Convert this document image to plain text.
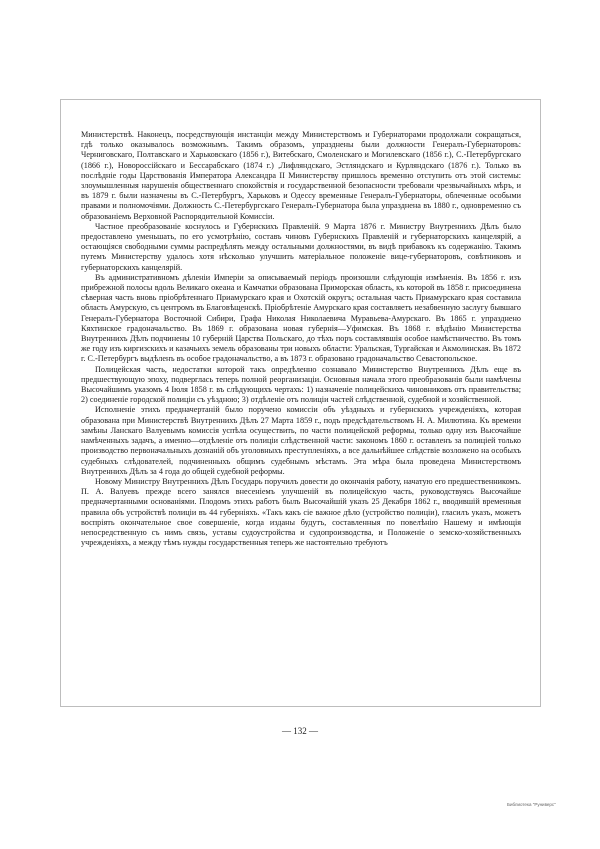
Министерствѣ. Наконецъ, посредствующія инстанціи между Министерствомъ и Губернаторами продолжали сокращаться, гдѣ только оказывалось возможнымъ. Такимъ образомъ, упразднены были должности Генералъ-Губернаторовъ: Черниговскаго, Полтавскаго и Харьковскаго (1856 г.), Витебскаго, Смоленскаго и Могилевскаго (1856 г.), С.-Петербургскаго (1866 г.), Новороссійскаго и Бессарабскаго (1874 г.) ,Лифляндскаго, Эстляндскаго и Курляндскаго (1876 г.). Только въ послѣдніе годы Царствованія Императора Александра II Министерству пришлось временно отступить отъ этой системы: злоумышленныя нарушенія общественнаго спокойствія и государственной безопасности требовали чрезвычайныхъ мѣръ, и въ 1879 г. были назначены въ С.-Петербургъ, Харьковъ и Одессу временные Генералъ-Губернаторы, облеченные особыми правами и полномочіями. Должность С.-Петербургскаго Генералъ-Губернатора была упразднена въ 1880 г., одновременно съ образованіемъ Верховной Распорядительной Комиссіи.

Частное преобразованіе коснулось и Губернскихъ Правленій. 9 Марта 1876 г. Министру Внутреннихъ Дѣлъ было предоставлено уменьшать, по его усмотрѣнію, составъ чиновъ Губернскихъ Правленій и губернаторскихъ канцелярій, а остающіяся свободными суммы распредѣлять между остальными должностями, въ видѣ прибавокъ къ содержанію. Такимъ путемъ Министерству удалось хотя нѣсколько улучшить матеріальное положеніе вице-губернаторовъ, совѣтниковъ и губернаторскихъ канцелярій.

Въ административномъ дѣленіи Имперіи за описываемый періодъ произошли слѣдующія измѣненія. Въ 1856 г. изъ прибрежной полосы вдоль Великаго океана и Камчатки образована Приморская область, къ которой въ 1858 г. присоединена сѣверная часть вновь пріобрѣтеннаго Приамурскаго края и Охотскій округъ; остальная часть Приамурскаго края составила область Амурскую, съ центромъ въ Благовѣщенскѣ. Пріобрѣтеніе Амурскаго края составляетъ незабвенную заслугу бывшаго Генералъ-Губернатора Восточной Сибири, Графа Николая Николаевича Муравьева-Амурскаго. Въ 1865 г. упразднено Кяхтинское градоначальство. Въ 1869 г. образована новая губернія—Уфимская. Въ 1868 г. вѣдѣнію Министерства Внутреннихъ Дѣлъ подчинены 10 губерній Царства Польскаго, до тѣхъ поръ составлявшія особое намѣстничество. Въ томъ же году изъ киргизскихъ и казачьихъ земель образованы три новыхъ области: Уральская, Тургайская и Акмолинская. Въ 1872 г. С.-Петербургъ выдѣленъ въ особое градоначальство, а въ 1873 г. образовано градоначальство Севастопольское.

Полицейская часть, недостатки которой такъ опредѣленно сознавало Министерство Внутреннихъ Дѣлъ еще въ предшествующую эпоху, подверглась теперь полной реорганизаціи. Основныя начала этого преобразованія были намѣчены Высочайшимъ указомъ 4 Іюля 1858 г. въ слѣдующихъ чертахъ: 1) назначеніе полицейскихъ чиновниковъ отъ правительства; 2) соединеніе городской полиціи съ уѣздною; 3) отдѣленіе отъ полиціи частей слѣдственной, судебной и хозяйственной.

Исполненіе этихъ предначертаній было поручено комиссіи объ уѣздныхъ и губернскихъ учрежденіяхъ, которая образована при Министерствѣ Внутреннихъ Дѣлъ 27 Марта 1859 г., подъ предсѣдательствомъ Н. А. Милютина. Къ времени замѣны Ланскаго Валуевымъ комиссія успѣла осуществить, по части полицейской реформы, только одну изъ Высочайше намѣченныхъ задачъ, а именно—отдѣленіе отъ полиціи слѣдственной части: закономъ 1860 г. оставленъ за полиціей только производство первоначальныхъ дознаній объ уголовныхъ преступленіяхъ, а все дальнѣйшее слѣдствіе возложено на особыхъ судебныхъ слѣдователей, подчиненныхъ общимъ судебнымъ мѣстамъ. Эта мѣра была проведена Министерствомъ Внутреннихъ Дѣлъ за 4 года до общей судебной реформы.

Новому Министру Внутреннихъ Дѣлъ Государь поручилъ довести до окончанія работу, начатую его предшественникомъ. П. А. Валуевъ прежде всего занялся внесеніемъ улучшеній въ полицейскую часть, руководствуясь Высочайше предначертанными основаніями. Плодомъ этихъ работъ былъ Высочайшій указъ 25 Декабря 1862 г., вводившій временныя правила объ устройствѣ полиціи въ 44 губерніяхъ. «Такъ какъ сіе важное дѣло (устройство полиціи), гласилъ указъ, можетъ воспріять окончательное свое совершеніе, когда изданы будутъ, составленныя по повелѣнію Нашему и имѣющія непосредственную съ нимъ связь, уставы судоустройства и судопроизводства, и Положеніе о земско-хозяйственныхъ учрежденіяхъ, а между тѣмъ нужды государственныя теперь же настоятельно требуютъ

— 132 —
Библиотека "Руниверс"
